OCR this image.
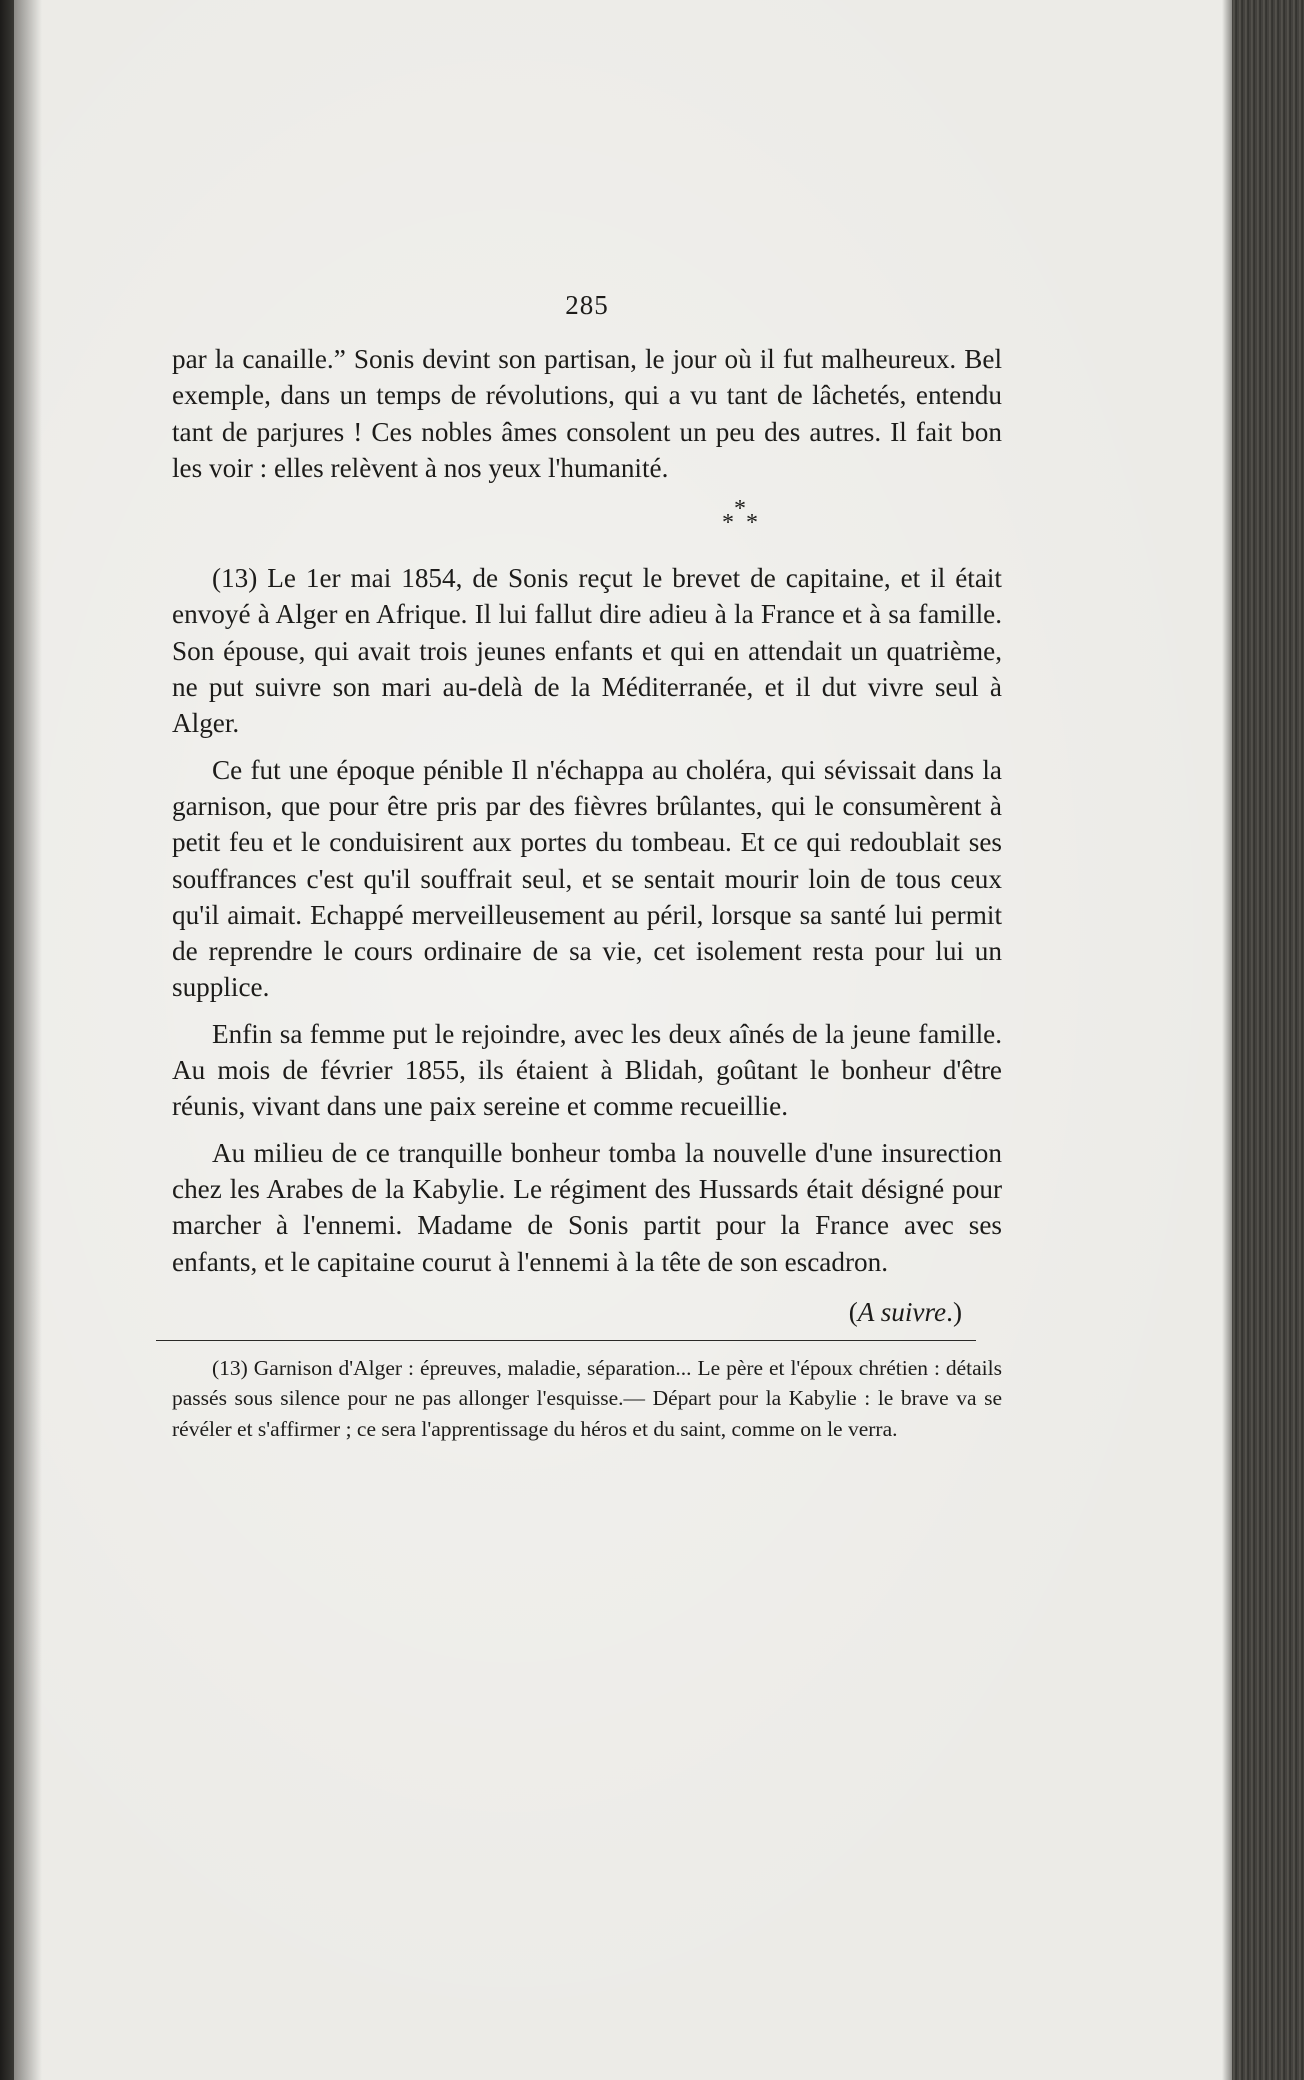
285

par la canaille.” Sonis devint son partisan, le jour où il fut malheureux. Bel exemple, dans un temps de révolutions, qui a vu tant de lâchetés, entendu tant de parjures ! Ces nobles âmes consolent un peu des autres. Il fait bon les voir : elles relèvent à nos yeux l'humanité.

*
* *

(13) Le 1er mai 1854, de Sonis reçut le brevet de capitaine, et il était envoyé à Alger en Afrique. Il lui fallut dire adieu à la France et à sa famille. Son épouse, qui avait trois jeunes enfants et qui en attendait un quatrième, ne put suivre son mari au-delà de la Méditerranée, et il dut vivre seul à Alger.

Ce fut une époque pénible Il n'échappa au choléra, qui sévissait dans la garnison, que pour être pris par des fièvres brûlantes, qui le consumèrent à petit feu et le conduisirent aux portes du tombeau. Et ce qui redoublait ses souffrances c'est qu'il souffrait seul, et se sentait mourir loin de tous ceux qu'il aimait. Echappé merveilleusement au péril, lorsque sa santé lui permit de reprendre le cours ordinaire de sa vie, cet isolement resta pour lui un supplice.

Enfin sa femme put le rejoindre, avec les deux aînés de la jeune famille. Au mois de février 1855, ils étaient à Blidah, goûtant le bonheur d'être réunis, vivant dans une paix sereine et comme recueillie.

Au milieu de ce tranquille bonheur tomba la nouvelle d'une insurection chez les Arabes de la Kabylie. Le régiment des Hussards était désigné pour marcher à l'ennemi. Madame de Sonis partit pour la France avec ses enfants, et le capitaine courut à l'ennemi à la tête de son escadron.

(A suivre.)

(13) Garnison d'Alger : épreuves, maladie, séparation... Le père et l'époux chrétien : détails passés sous silence pour ne pas allonger l'esquisse.— Départ pour la Kabylie : le brave va se révéler et s'affirmer ; ce sera l'apprentissage du héros et du saint, comme on le verra.
